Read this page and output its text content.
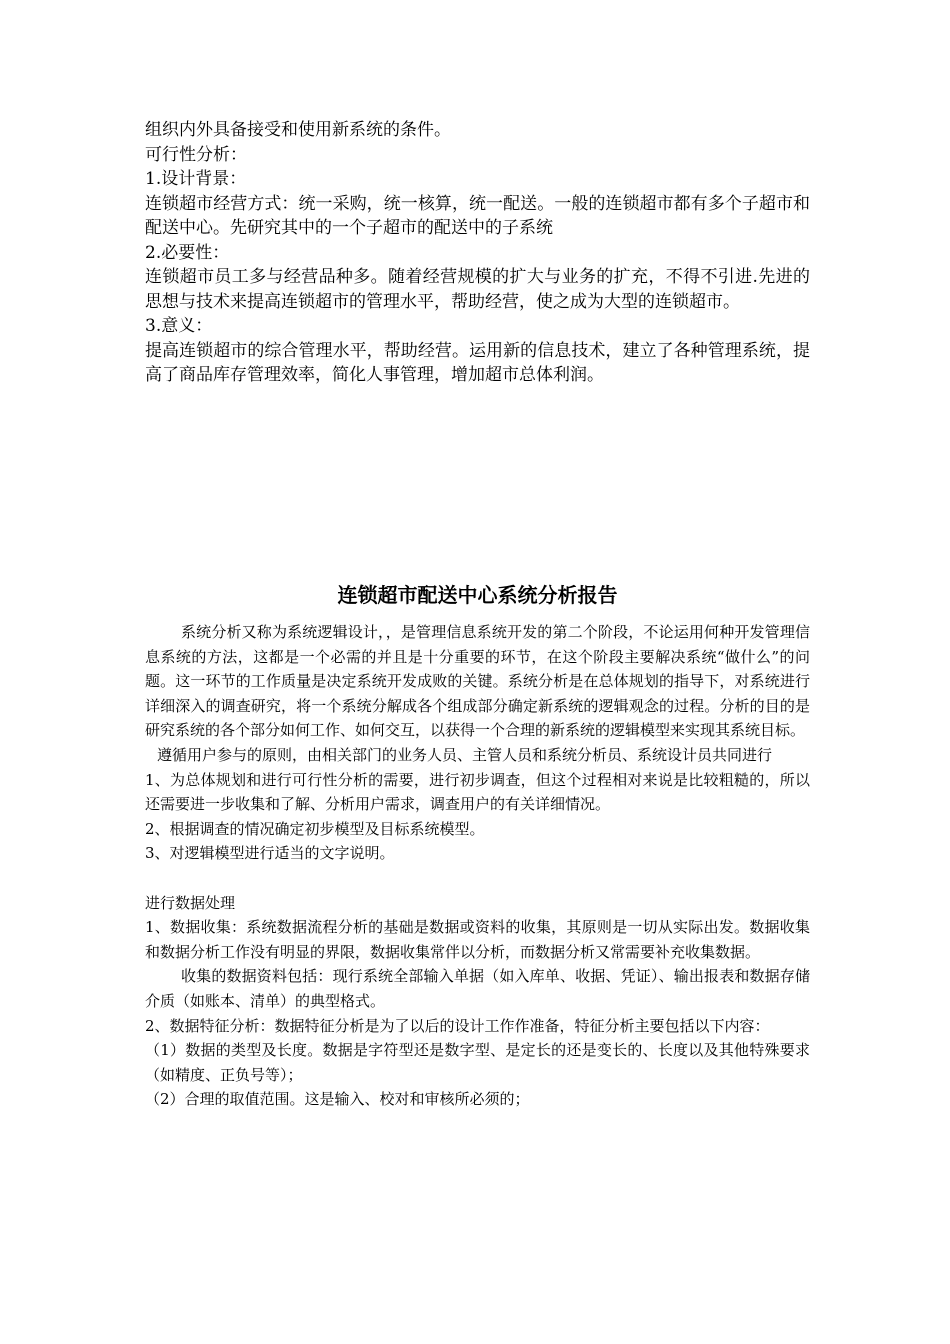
组织内外具备接受和使用新系统的条件。

可行性分析：

1.设计背景：

连锁超市经营方式：统一采购，统一核算，统一配送。一般的连锁超市都有多个子超市和配送中心。先研究其中的一个子超市的配送中的子系统

2.必要性：

连锁超市员工多与经营品种多。随着经营规模的扩大与业务的扩充，不得不引进.先进的思想与技术来提高连锁超市的管理水平，帮助经营，使之成为大型的连锁超市。

3.意义：

提高连锁超市的综合管理水平，帮助经营。运用新的信息技术，建立了各种管理系统，提高了商品库存管理效率，简化人事管理，增加超市总体利润。

连锁超市配送中心系统分析报告

系统分析又称为系统逻辑设计，，是管理信息系统开发的第二个阶段，不论运用何种开发管理信息系统的方法，这都是一个必需的并且是十分重要的环节，在这个阶段主要解决系统“做什么”的问题。这一环节的工作质量是决定系统开发成败的关键。系统分析是在总体规划的指导下，对系统进行详细深入的调查研究，将一个系统分解成各个组成部分确定新系统的逻辑观念的过程。分析的目的是研究系统的各个部分如何工作、如何交互，以获得一个合理的新系统的逻辑模型来实现其系统目标。

遵循用户参与的原则，由相关部门的业务人员、主管人员和系统分析员、系统设计员共同进行

1、为总体规划和进行可行性分析的需要，进行初步调查，但这个过程相对来说是比较粗糙的，所以还需要进一步收集和了解、分析用户需求，调查用户的有关详细情况。

2、根据调查的情况确定初步模型及目标系统模型。

3、对逻辑模型进行适当的文字说明。

进行数据处理

1、数据收集：系统数据流程分析的基础是数据或资料的收集，其原则是一切从实际出发。数据收集和数据分析工作没有明显的界限，数据收集常伴以分析，而数据分析又常需要补充收集数据。

收集的数据资料包括：现行系统全部输入单据（如入库单、收据、凭证）、输出报表和数据存储介质（如账本、清单）的典型格式。

2、数据特征分析：数据特征分析是为了以后的设计工作作准备，特征分析主要包括以下内容：

（1）数据的类型及长度。数据是字符型还是数字型、是定长的还是变长的、长度以及其他特殊要求（如精度、正负号等）；

（2）合理的取值范围。这是输入、校对和审核所必须的；
